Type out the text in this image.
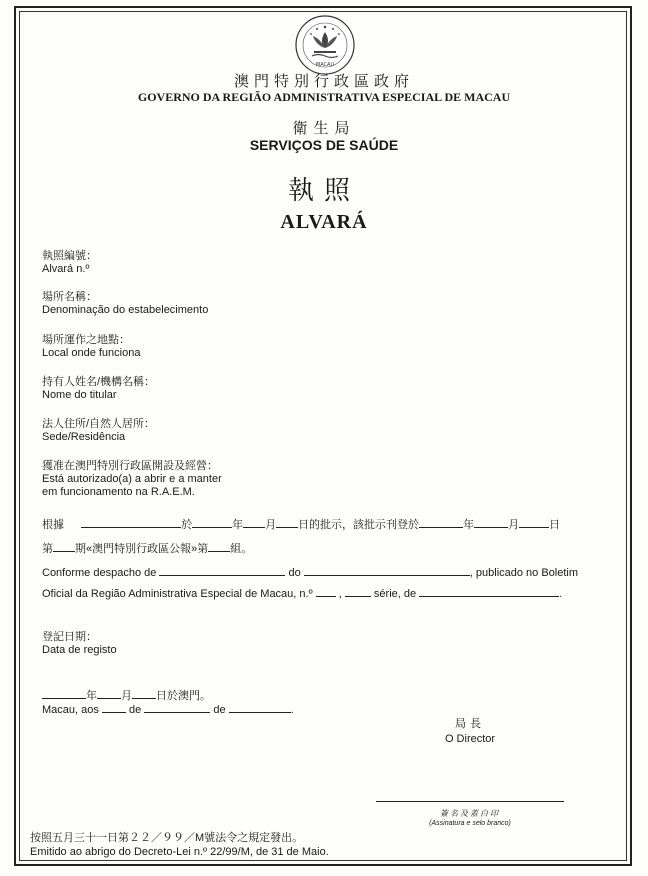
MACAU
澳門特別行政區政府
GOVERNO DA REGIÃO ADMINISTRATIVA ESPECIAL DE MACAU
衛生局
SERVIÇOS DE SAÚDE
執照
ALVARÁ
執照編號：
Alvará n.º
場所名稱：
Denominação do estabelecimento
場所運作之地點：
Local onde funciona
持有人姓名/機構名稱：
Nome do titular
法人住所/自然人居所：
Sede/Residência
獲准在澳門特別行政區開設及經營：
Está autorizado(a) a abrir e a manter
em funcionamento na R.A.E.M.
根據	於	年 月 日的批示，該批示刊登於	年	月	日
第 期«澳門特別行政區公報»第 組。
Conforme despacho de	do	, publicado no Boletim
Oficial da Região Administrativa Especial de Macau, n.º ,	série, de	.
登記日期：
Data de registo
年 月 日於澳門。
Macau, aos	de	de	.
局長
O Director
簽名及蓋白印
(Assinatura e selo branco)
按照五月三十一日第２２／９９／M號法令之規定發出。
Emitido ao abrigo do Decreto-Lei n.º 22/99/M, de 31 de Maio.
